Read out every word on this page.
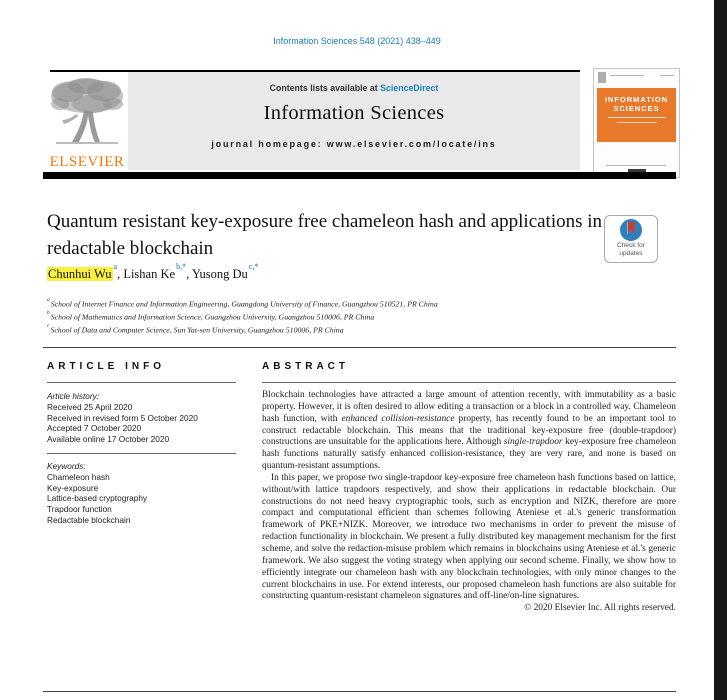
Information Sciences 548 (2021) 438–449
ELSEVIER
Contents lists available at ScienceDirect
Information Sciences
journal homepage: www.elsevier.com/locate/ins
INFORMATION
SCIENCES
Quantum resistant key-exposure free chameleon hash and applications in redactable blockchain	Check for
updates
Chunhui Wu$^a$, Lishan $Ke^{b,*}$, Yusong $Du^{c,*}$
$^a$School of Internet Finance and Information Engineering, Guangdong University of Finance, Guangzhou 510521, PR China
$^b$School of Mathematics and Information Science, Guangzhou University, Guangzhou 510006, PR China
$^c$School of Data and Computer Science, Sun Yat-sen University, Guangzhou 510006, PR China
ARTICLE INFO	ABSTRACT
Article history:
Received 25 April 2020
Received in revised form 5 October 2020
Accepted 7 October 2020
Available online 17 October 2020
Keywords:
Chameleon hash
Key-exposure
Lattice-based cryptography
Trapdoor function
Redactable blockchain
Blockchain technologies have attracted a large amount of attention recently, with immutability as a basic property. However, it is often desired to allow editing a transaction or a block in a controlled way. Chameleon hash function, with enhanced collision-resistance property, has recently found to be an important tool to construct redactable blockchain. This means that the traditional key-exposure free (double-trapdoor) constructions are unsuitable for the applications here. Although single-trapdoor key-exposure free chameleon hash functions naturally satisfy enhanced collision-resistance, they are very rare, and none is based on quantum-resistant assumptions.
In this paper, we propose two single-trapdoor key-exposure free chameleon hash functions based on lattice, without/with lattice trapdoors respectively, and show their applications in redactable blockchain. Our constructions do not need heavy cryptographic tools, such as encryption and NIZK, therefore are more compact and computational efficient than schemes following Ateniese et al.'s generic transformation framework of PKE+NIZK. Moreover, we introduce two mechanisms in order to prevent the misuse of redaction functionality in blockchain. We present a fully distributed key management mechanism for the first scheme, and solve the redaction-misuse problem which remains in blockchains using Ateniese et al.'s generic framework. We also suggest the voting strategy when applying our second scheme. Finally, we show how to efficiently integrate our chameleon hash with any blockchain technologies, with only minor changes to the current blockchains in use. For extend interests, our proposed chameleon hash functions are also suitable for constructing quantum-resistant chameleon signatures and off-line/on-line signatures.
© 2020 Elsevier Inc. All rights reserved.
